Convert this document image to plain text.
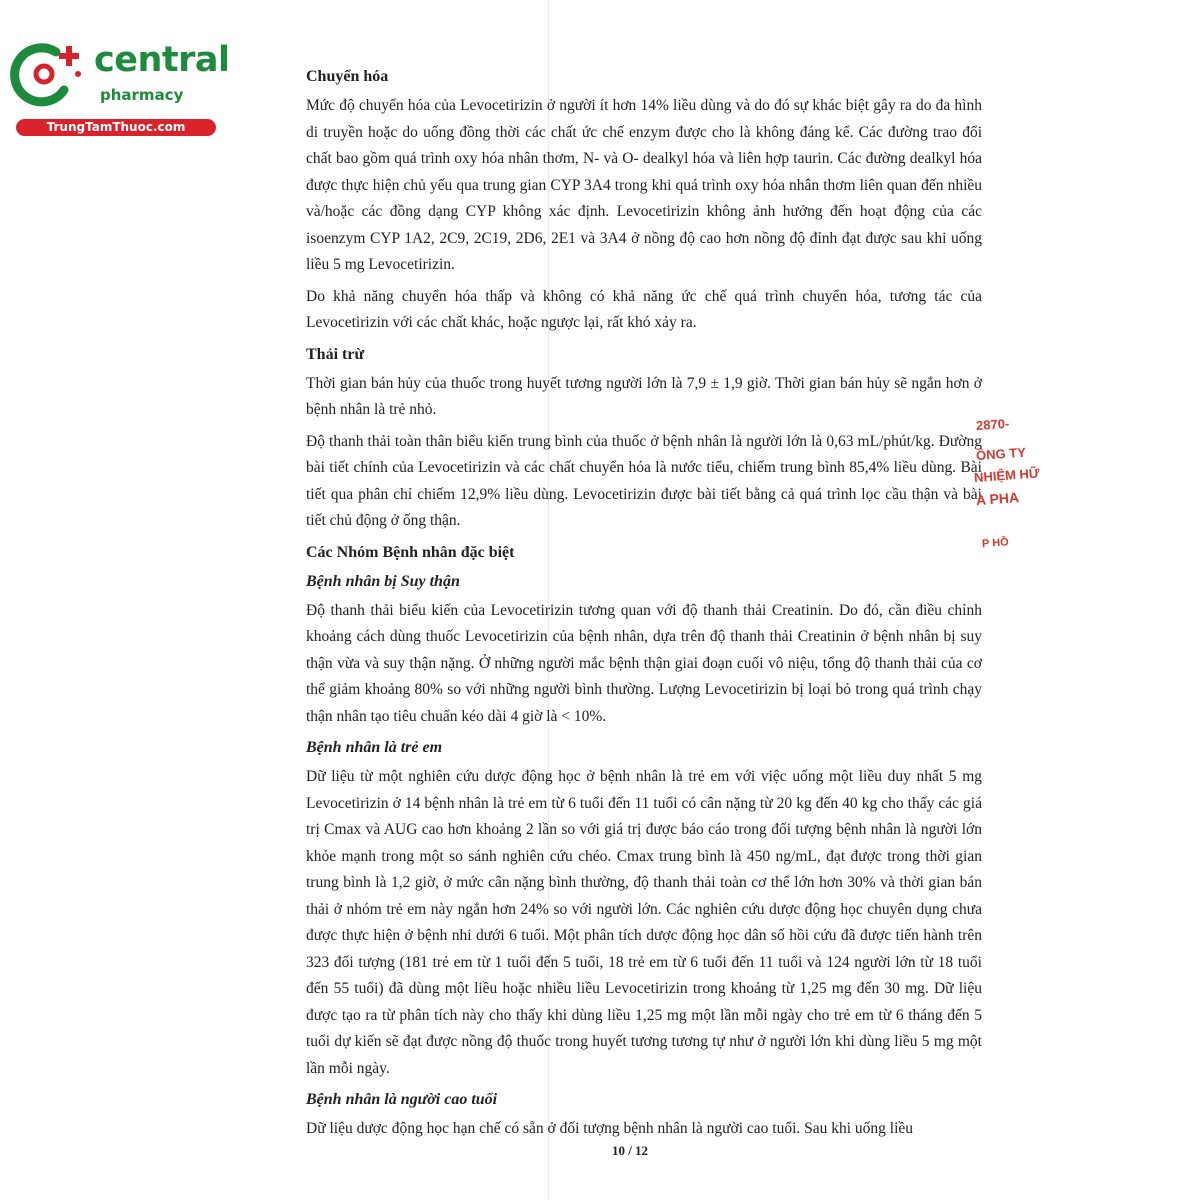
central
pharmacy
TrungTamThuoc.com
Chuyển hóa

Mức độ chuyển hóa của Levocetirizin ở người ít hơn 14% liều dùng và do đó sự khác biệt gây ra do đa hình di truyền hoặc do uống đồng thời các chất ức chế enzym được cho là không đáng kể. Các đường trao đổi chất bao gồm quá trình oxy hóa nhân thơm, N- và O- dealkyl hóa và liên hợp taurin. Các đường dealkyl hóa được thực hiện chủ yếu qua trung gian CYP 3A4 trong khi quá trình oxy hóa nhân thơm liên quan đến nhiều và/hoặc các đồng dạng CYP không xác định. Levocetirizin không ảnh hưởng đến hoạt động của các isoenzym CYP 1A2, 2C9, 2C19, 2D6, 2E1 và 3A4 ở nồng độ cao hơn nồng độ đỉnh đạt được sau khi uống liều 5 mg Levocetirizin.

Do khả năng chuyển hóa thấp và không có khả năng ức chế quá trình chuyển hóa, tương tác của Levocetirizin với các chất khác, hoặc ngược lại, rất khó xảy ra.

Thải trừ

Thời gian bán hủy của thuốc trong huyết tương người lớn là 7,9 ± 1,9 giờ. Thời gian bán hủy sẽ ngắn hơn ở bệnh nhân là trẻ nhỏ.

Độ thanh thải toàn thân biểu kiến trung bình của thuốc ở bệnh nhân là người lớn là 0,63 mL/phút/kg. Đường bài tiết chính của Levocetirizin và các chất chuyển hóa là nước tiểu, chiếm trung bình 85,4% liều dùng. Bài tiết qua phân chỉ chiếm 12,9% liều dùng. Levocetirizin được bài tiết bằng cả quá trình lọc cầu thận và bài tiết chủ động ở ống thận.

Các Nhóm Bệnh nhân đặc biệt
Bệnh nhân bị Suy thận

Độ thanh thải biểu kiến của Levocetirizin tương quan với độ thanh thải Creatinin. Do đó, cần điều chỉnh khoảng cách dùng thuốc Levocetirizin của bệnh nhân, dựa trên độ thanh thải Creatinin ở bệnh nhân bị suy thận vừa và suy thận nặng. Ở những người mắc bệnh thận giai đoạn cuối vô niệu, tổng độ thanh thải của cơ thể giảm khoảng 80% so với những người bình thường. Lượng Levocetirizin bị loại bỏ trong quá trình chạy thận nhân tạo tiêu chuẩn kéo dài 4 giờ là < 10%.

Bệnh nhân là trẻ em

Dữ liệu từ một nghiên cứu dược động học ở bệnh nhân là trẻ em với việc uống một liều duy nhất 5 mg Levocetirizin ở 14 bệnh nhân là trẻ em từ 6 tuổi đến 11 tuổi có cân nặng từ 20 kg đến 40 kg cho thấy các giá trị Cmax và AUG cao hơn khoảng 2 lần so với giá trị được báo cáo trong đối tượng bệnh nhân là người lớn khỏe mạnh trong một so sánh nghiên cứu chéo. Cmax trung bình là 450 ng/mL, đạt được trong thời gian trung bình là 1,2 giờ, ở mức cân nặng bình thường, độ thanh thải toàn cơ thể lớn hơn 30% và thời gian bán thải ở nhóm trẻ em này ngắn hơn 24% so với người lớn. Các nghiên cứu dược động học chuyên dụng chưa được thực hiện ở bệnh nhi dưới 6 tuổi. Một phân tích dược động học dân số hồi cứu đã được tiến hành trên 323 đối tượng (181 trẻ em từ 1 tuổi đến 5 tuổi, 18 trẻ em từ 6 tuổi đến 11 tuổi và 124 người lớn từ 18 tuổi đến 55 tuổi) đã dùng một liều hoặc nhiều liều Levocetirizin trong khoảng từ 1,25 mg đến 30 mg. Dữ liệu được tạo ra từ phân tích này cho thấy khi dùng liều 1,25 mg một lần mỗi ngày cho trẻ em từ 6 tháng đến 5 tuổi dự kiến sẽ đạt được nồng độ thuốc trong huyết tương tương tự như ở người lớn khi dùng liều 5 mg một lần mỗi ngày.

Bệnh nhân là người cao tuổi

Dữ liệu dược động học hạn chế có sẵn ở đối tượng bệnh nhân là người cao tuổi. Sau khi uống liều

2870-
ÔNG TY
NHIỆM HỮ
A PHA
P HỒ
10 / 12
